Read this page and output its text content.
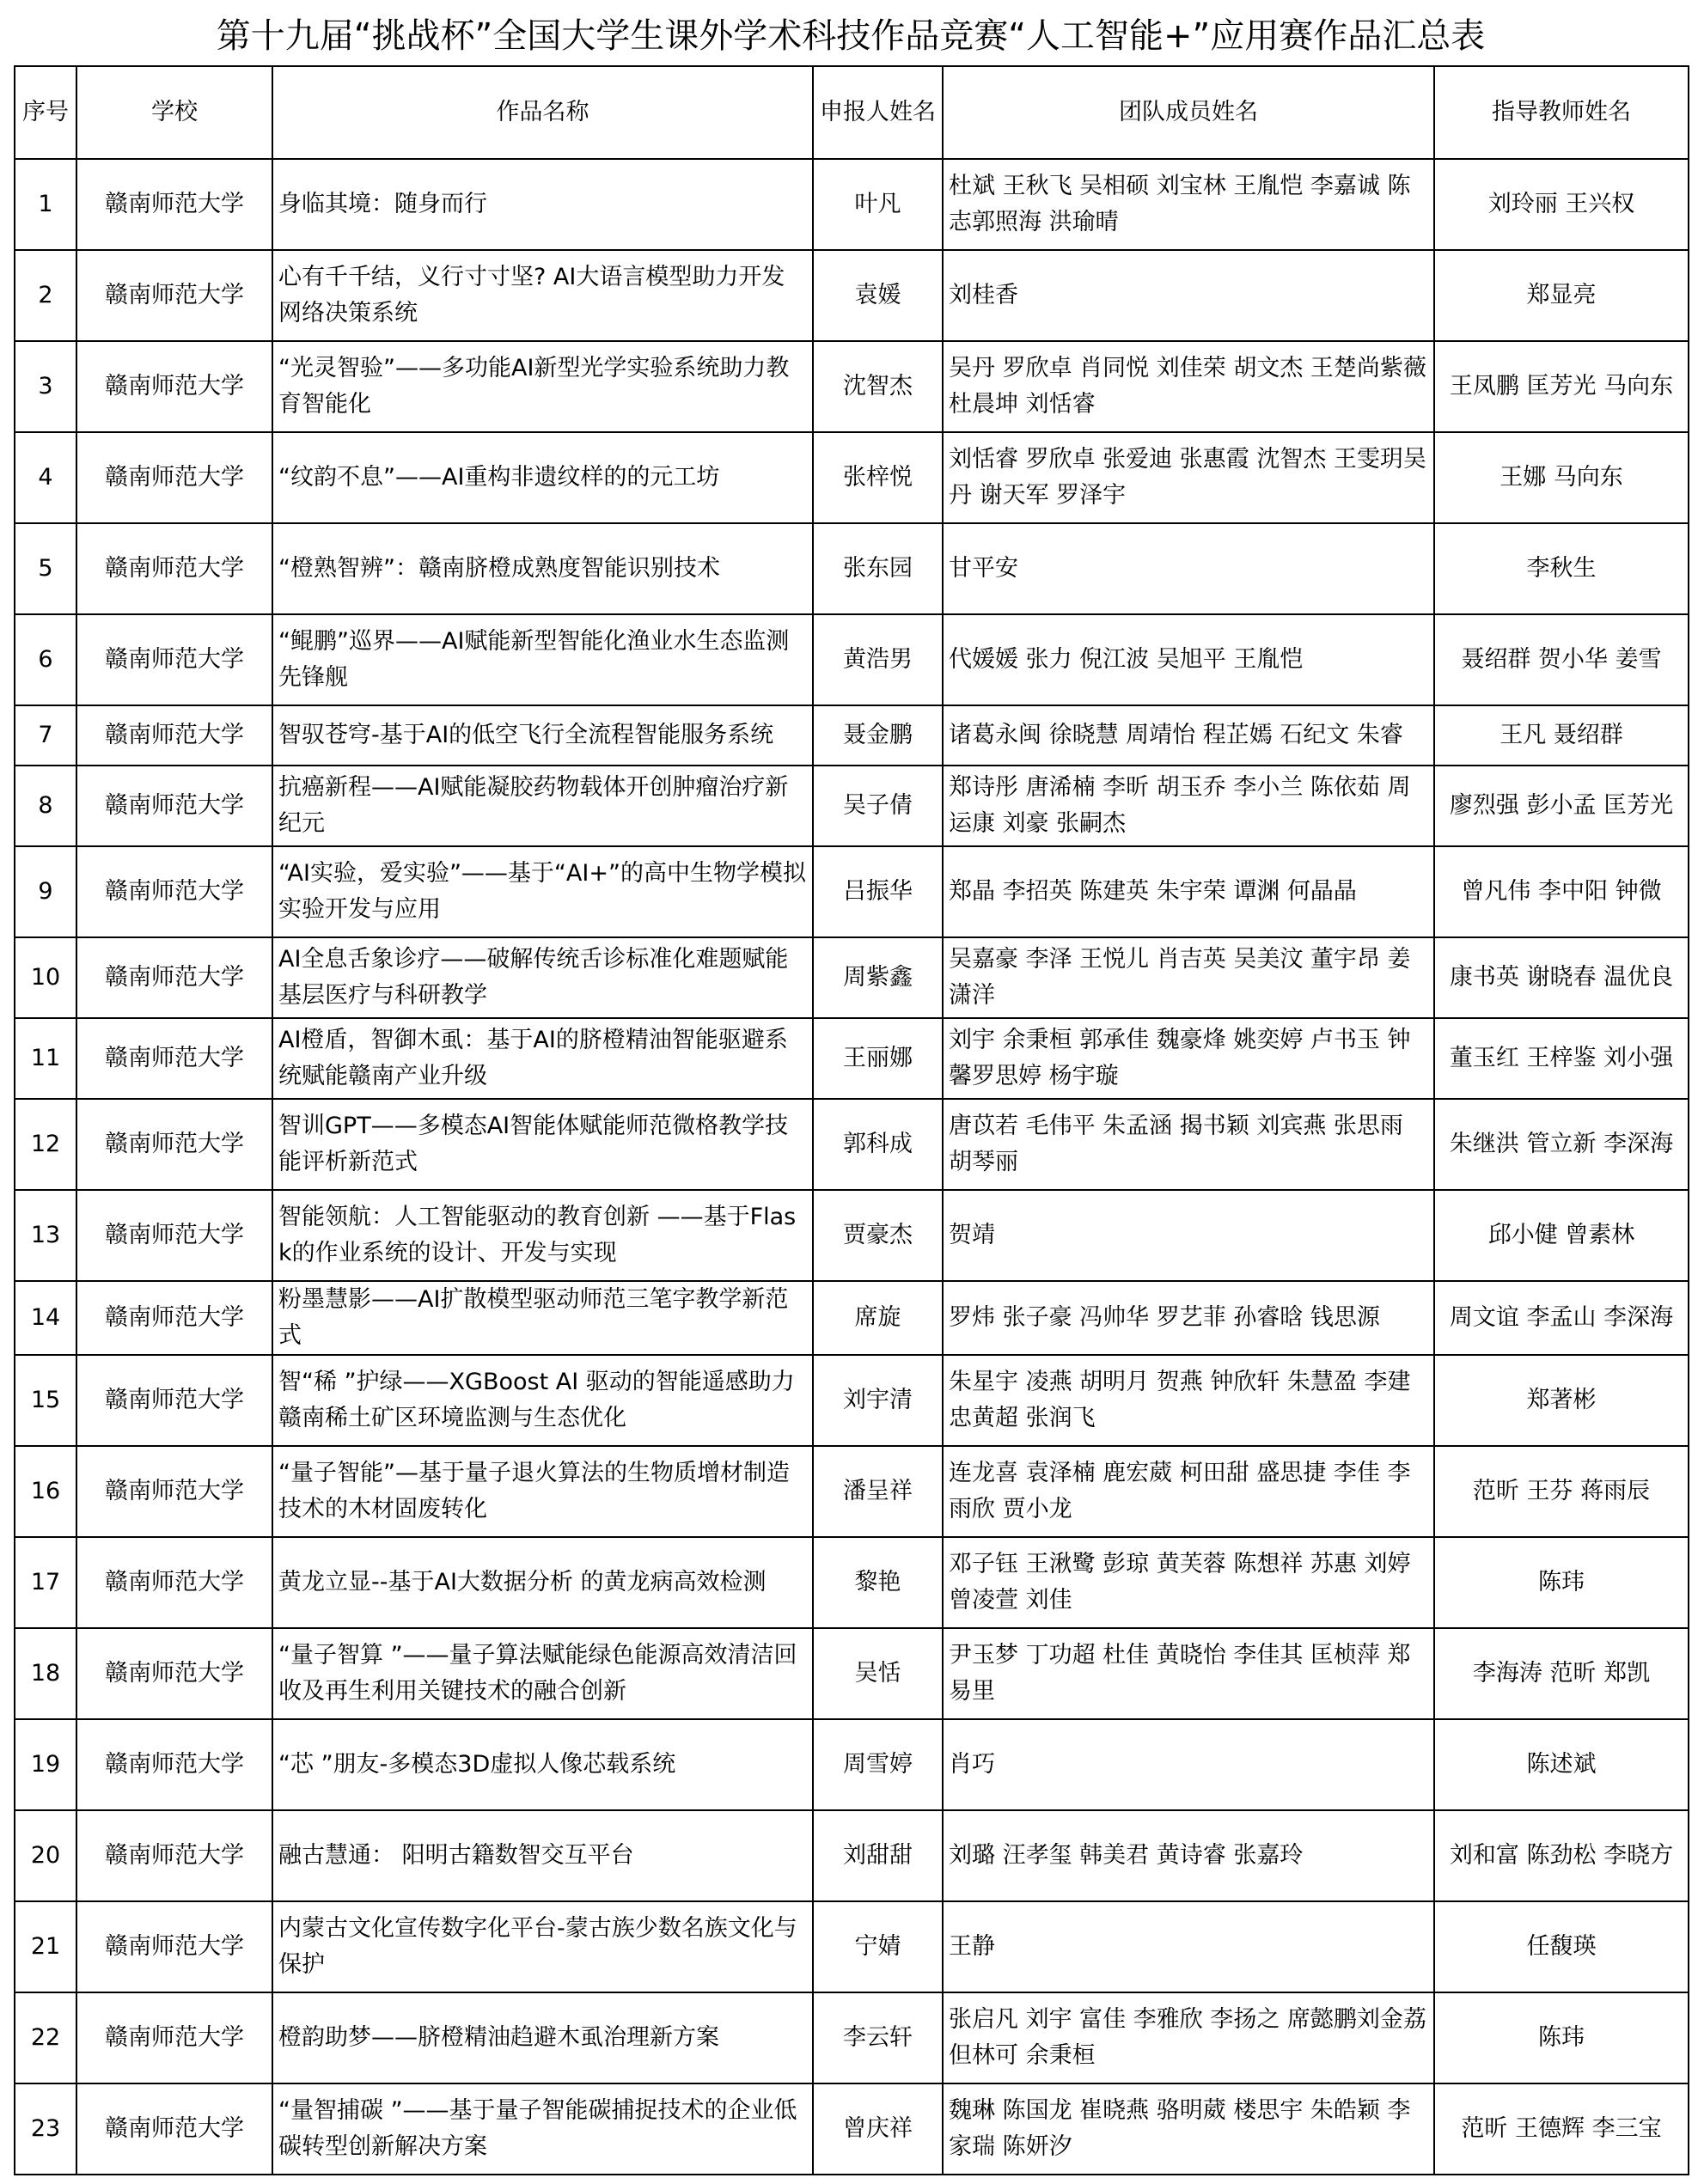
第十九届“挑战杯”全国大学生课外学术科技作品竞赛“人工智能+”应用赛作品汇总表
序号	学校	作品名称	申报人姓名	团队成员姓名	指导教师姓名
1	赣南师范大学	身临其境：随身而行	叶凡	杜斌 王秋飞 吴相硕 刘宝林 王胤恺 李嘉诚 陈志郭照海 洪瑜晴	刘玲丽 王兴权
2	赣南师范大学	心有千千结，义行寸寸坚? AI大语言模型助力开发网络决策系统	袁媛	刘桂香	郑显亮
3	赣南师范大学	“光灵智验”——多功能AI新型光学实验系统助力教育智能化	沈智杰	吴丹 罗欣卓 肖同悦 刘佳荣 胡文杰 王楚尚紫薇 杜晨坤 刘恬睿	王凤鹏 匡芳光 马向东
4	赣南师范大学	“纹韵不息”——AI重构非遗纹样的的元工坊	张梓悦	刘恬睿 罗欣卓 张爱迪 张惠霞 沈智杰 王雯玥吴丹 谢天军 罗泽宇	王娜 马向东
5	赣南师范大学	“橙熟智辨”：赣南脐橙成熟度智能识别技术	张东园	甘平安	李秋生
6	赣南师范大学	“鲲鹏”巡界——AI赋能新型智能化渔业水生态监测先锋舰	黄浩男	代媛媛 张力 倪江波 吴旭平 王胤恺	聂绍群 贺小华 姜雪
7	赣南师范大学	智驭苍穹-基于AI的低空飞行全流程智能服务系统	聂金鹏	诸葛永闽 徐晓慧 周靖怡 程芷嫣 石纪文 朱睿	王凡 聂绍群
8	赣南师范大学	抗癌新程——AI赋能凝胶药物载体开创肿瘤治疗新纪元	吴子倩	郑诗彤 唐浠楠 李昕 胡玉乔 李小兰 陈依茹 周运康 刘豪 张嗣杰	廖烈强 彭小孟 匡芳光
9	赣南师范大学	“AI实验，爱实验”——基于“AI+”的高中生物学模拟实验开发与应用	吕振华	郑晶 李招英 陈建英 朱宇荣 谭渊 何晶晶	曾凡伟 李中阳 钟微
10	赣南师范大学	AI全息舌象诊疗——破解传统舌诊标准化难题赋能基层医疗与科研教学	周紫鑫	吴嘉豪 李泽 王悦儿 肖吉英 吴美汶 董宇昂 姜潇洋	康书英 谢晓春 温优良
11	赣南师范大学	AI橙盾，智御木虱：基于AI的脐橙精油智能驱避系统赋能赣南产业升级	王丽娜	刘宇 余秉桓 郭承佳 魏豪烽 姚奕婷 卢书玉 钟馨罗思婷 杨宇璇	董玉红 王梓鉴 刘小强
12	赣南师范大学	智训GPT——多模态AI智能体赋能师范微格教学技能评析新范式	郭科成	唐苡若 毛伟平 朱孟涵 揭书颖 刘宾燕 张思雨 胡琴丽	朱继洪 管立新 李深海
13	赣南师范大学	智能领航：人工智能驱动的教育创新 ——基于Flask的作业系统的设计、开发与实现	贾豪杰	贺靖	邱小健 曾素林
14	赣南师范大学	粉墨慧影——AI扩散模型驱动师范三笔字教学新范式	席旋	罗炜 张子豪 冯帅华 罗艺菲 孙睿晗 钱思源	周文谊 李孟山 李深海
15	赣南师范大学	智“稀 ”护绿——XGBoost AI 驱动的智能遥感助力赣南稀土矿区环境监测与生态优化	刘宇清	朱星宇 凌燕 胡明月 贺燕 钟欣轩 朱慧盈 李建忠黄超 张润飞	郑著彬
16	赣南师范大学	“量子智能”—基于量子退火算法的生物质增材制造技术的木材固废转化	潘呈祥	连龙喜 袁泽楠 鹿宏葳 柯田甜 盛思捷 李佳 李雨欣 贾小龙	范昕 王芬 蒋雨辰
17	赣南师范大学	黄龙立显--基于AI大数据分析 的黄龙病高效检测	黎艳	邓子钰 王湫鹭 彭琼 黄芙蓉 陈想祥 苏惠 刘婷曾凌萱 刘佳	陈玮
18	赣南师范大学	“量子智算 ”——量子算法赋能绿色能源高效清洁回收及再生利用关键技术的融合创新	吴恬	尹玉梦 丁功超 杜佳 黄晓怡 李佳其 匡桢萍 郑易里	李海涛 范昕 郑凯
19	赣南师范大学	“芯 ”朋友-多模态3D虚拟人像芯载系统	周雪婷	肖巧	陈述斌
20	赣南师范大学	融古慧通： 阳明古籍数智交互平台	刘甜甜	刘璐 汪孝玺 韩美君 黄诗睿 张嘉玲	刘和富 陈劲松 李晓方
21	赣南师范大学	内蒙古文化宣传数字化平台-蒙古族少数名族文化与保护	宁婧	王静	任馥瑛
22	赣南师范大学	橙韵助梦——脐橙精油趋避木虱治理新方案	李云轩	张启凡 刘宇 富佳 李雅欣 李扬之 席懿鹏刘金荔 但林可 余秉桓	陈玮
23	赣南师范大学	“量智捕碳 ”——基于量子智能碳捕捉技术的企业低碳转型创新解决方案	曾庆祥	魏琳 陈国龙 崔晓燕 骆明葳 楼思宇 朱皓颖 李家瑞 陈妍汐	范昕 王德辉 李三宝
